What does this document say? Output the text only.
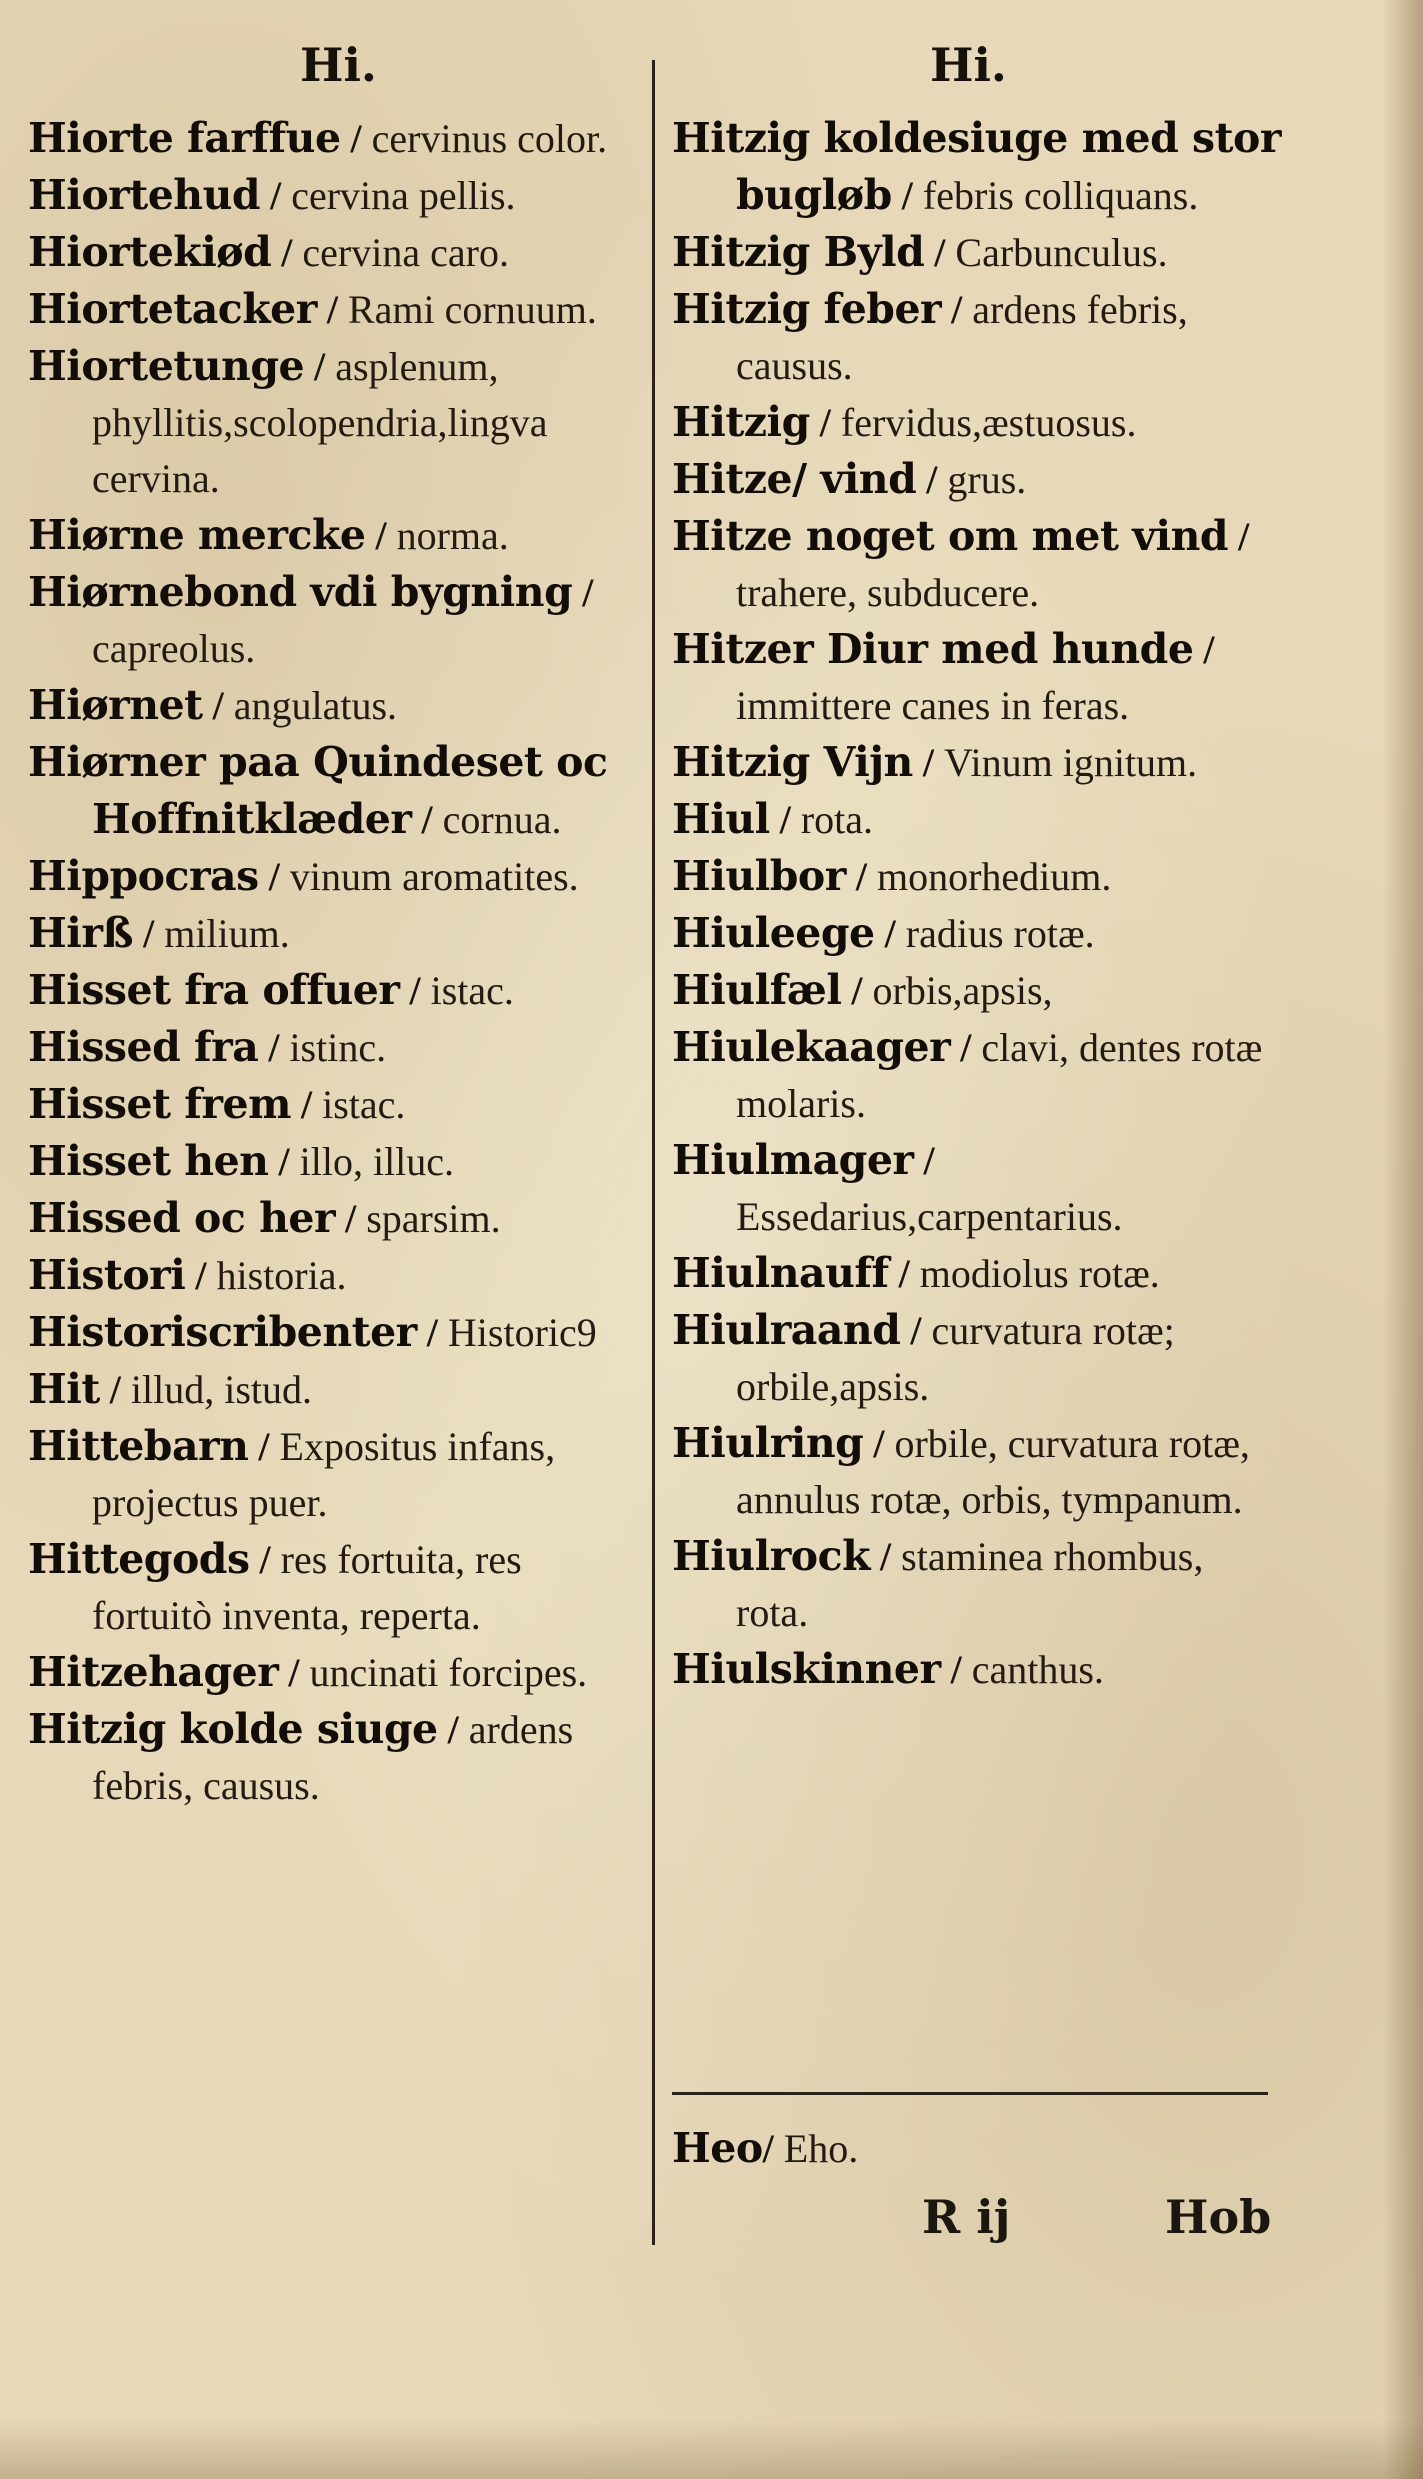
Hi.	Hi.

Hiorte farffue / cervinus color.

Hiortehud / cervina pellis.

Hiortekiød / cervina caro.

Hiortetacker / Rami cornuum.

Hiortetunge / asplenum, phyllitis,scolopendria,lingva cervina.

Hiørne mercke / norma.

Hiørnebond vdi bygning / capreolus.

Hiørnet / angulatus.

Hiørner paa Quindeset oc Hoffnitklæder / cornua.

Hippocras / vinum aromatites.

Hirß / milium.

Hisset fra offuer / istac.

Hissed fra / istinc.

Hisset frem / istac.

Hisset hen / illo, illuc.

Hissed oc her / sparsim.

Histori / historia.

Historiscribenter / Historic9

Hit / illud, istud.

Hittebarn / Expositus infans, projectus puer.

Hittegods / res fortuita, res fortuitò inventa, reperta.

Hitzehager / uncinati forcipes.

Hitzig kolde siuge / ardens febris, causus.

Hitzig koldesiuge med stor bugløb / febris colliquans.

Hitzig Byld / Carbunculus.

Hitzig feber / ardens febris, causus.

Hitzig / fervidus,æstuosus.

Hitze/ vind / grus.

Hitze noget om met vind / trahere, subducere.

Hitzer Diur med hunde / immittere canes in feras.

Hitzig Vijn / Vinum ignitum.

Hiul / rota.

Hiulbor / monorhedium.

Hiuleege / radius rotæ.

Hiulfæl / orbis,apsis,

Hiulekaager / clavi, dentes rotæ molaris.

Hiulmager / Essedarius,carpentarius.

Hiulnauff / modiolus rotæ.

Hiulraand / curvatura rotæ; orbile,apsis.

Hiulring / orbile, curvatura rotæ, annulus rotæ, orbis, tympanum.

Hiulrock / staminea rhombus, rota.

Hiulskinner / canthus.

Heo/ Eho.
R ij	Hob
